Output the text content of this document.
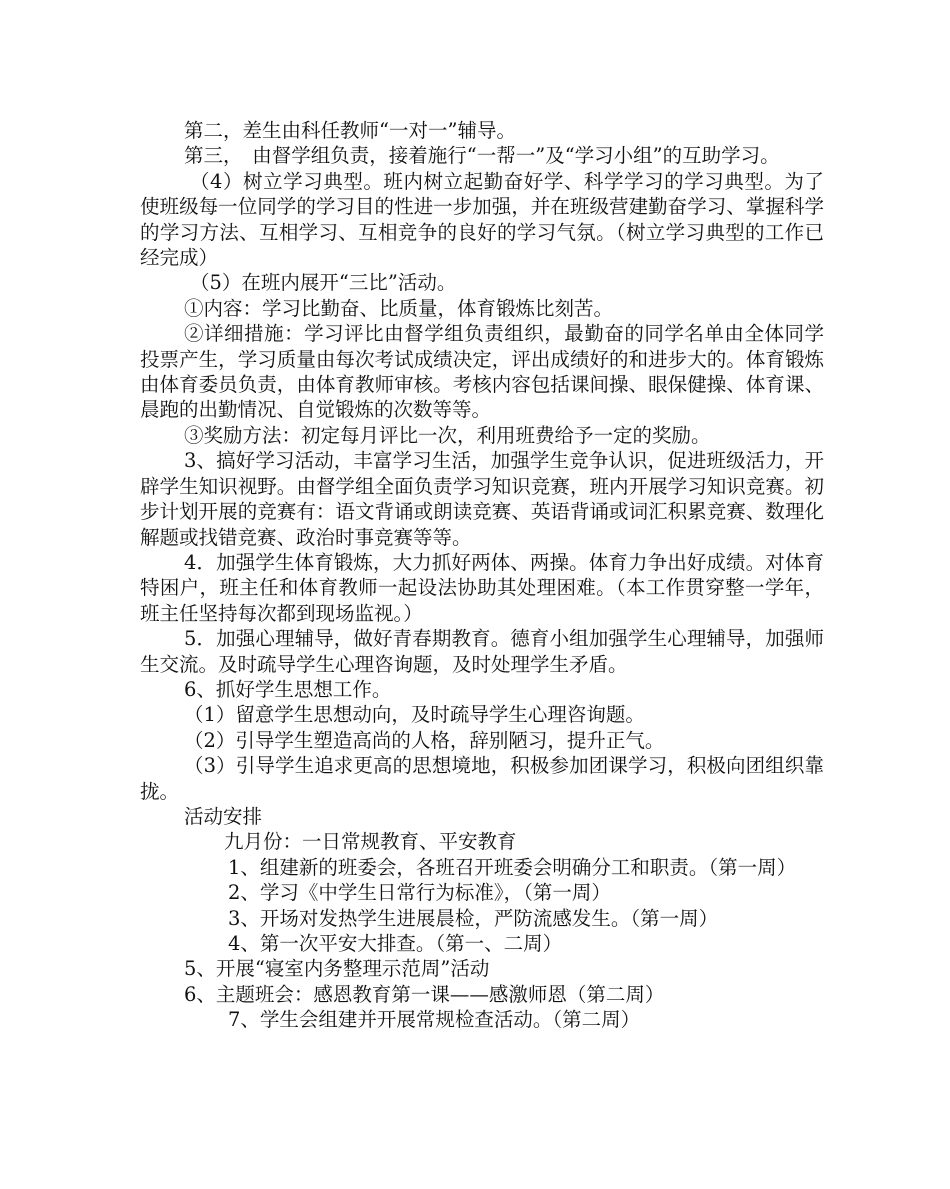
第二，差生由科任教师“一对一”辅导。

第三，　由督学组负责，接着施行“一帮一”及“学习小组”的互助学习。

（4）树立学习典型。班内树立起勤奋好学、科学学习的学习典型。为了使班级每一位同学的学习目的性进一步加强，并在班级营建勤奋学习、掌握科学的学习方法、互相学习、互相竞争的良好的学习气氛。（树立学习典型的工作已经完成）

（5）在班内展开“三比”活动。

①内容：学习比勤奋、比质量，体育锻炼比刻苦。

②详细措施：学习评比由督学组负责组织，最勤奋的同学名单由全体同学投票产生，学习质量由每次考试成绩决定，评出成绩好的和进步大的。体育锻炼由体育委员负责，由体育教师审核。考核内容包括课间操、眼保健操、体育课、晨跑的出勤情况、自觉锻炼的次数等等。

③奖励方法：初定每月评比一次，利用班费给予一定的奖励。

3、搞好学习活动，丰富学习生活，加强学生竞争认识，促进班级活力，开辟学生知识视野。由督学组全面负责学习知识竞赛，班内开展学习知识竞赛。初步计划开展的竞赛有：语文背诵或朗读竞赛、英语背诵或词汇积累竞赛、数理化解题或找错竞赛、政治时事竞赛等等。

4．加强学生体育锻炼，大力抓好两体、两操。体育力争出好成绩。对体育特困户，班主任和体育教师一起设法协助其处理困难。（本工作贯穿整一学年，班主任坚持每次都到现场监视。）

5．加强心理辅导，做好青春期教育。德育小组加强学生心理辅导，加强师生交流。及时疏导学生心理咨询题，及时处理学生矛盾。

6、抓好学生思想工作。

（1）留意学生思想动向，及时疏导学生心理咨询题。

（2）引导学生塑造高尚的人格，辞别陋习，提升正气。

（3）引导学生追求更高的思想境地，积极参加团课学习，积极向团组织靠拢。

活动安排

九月份：一日常规教育、平安教育

1、组建新的班委会，各班召开班委会明确分工和职责。（第一周）

2、学习《中学生日常行为标准》，（第一周）

3、开场对发热学生进展晨检，严防流感发生。（第一周）

4、第一次平安大排查。（第一、二周）

5、开展“寝室内务整理示范周”活动

6、主题班会：感恩教育第一课——感激师恩（第二周）

7、学生会组建并开展常规检查活动。（第二周）
